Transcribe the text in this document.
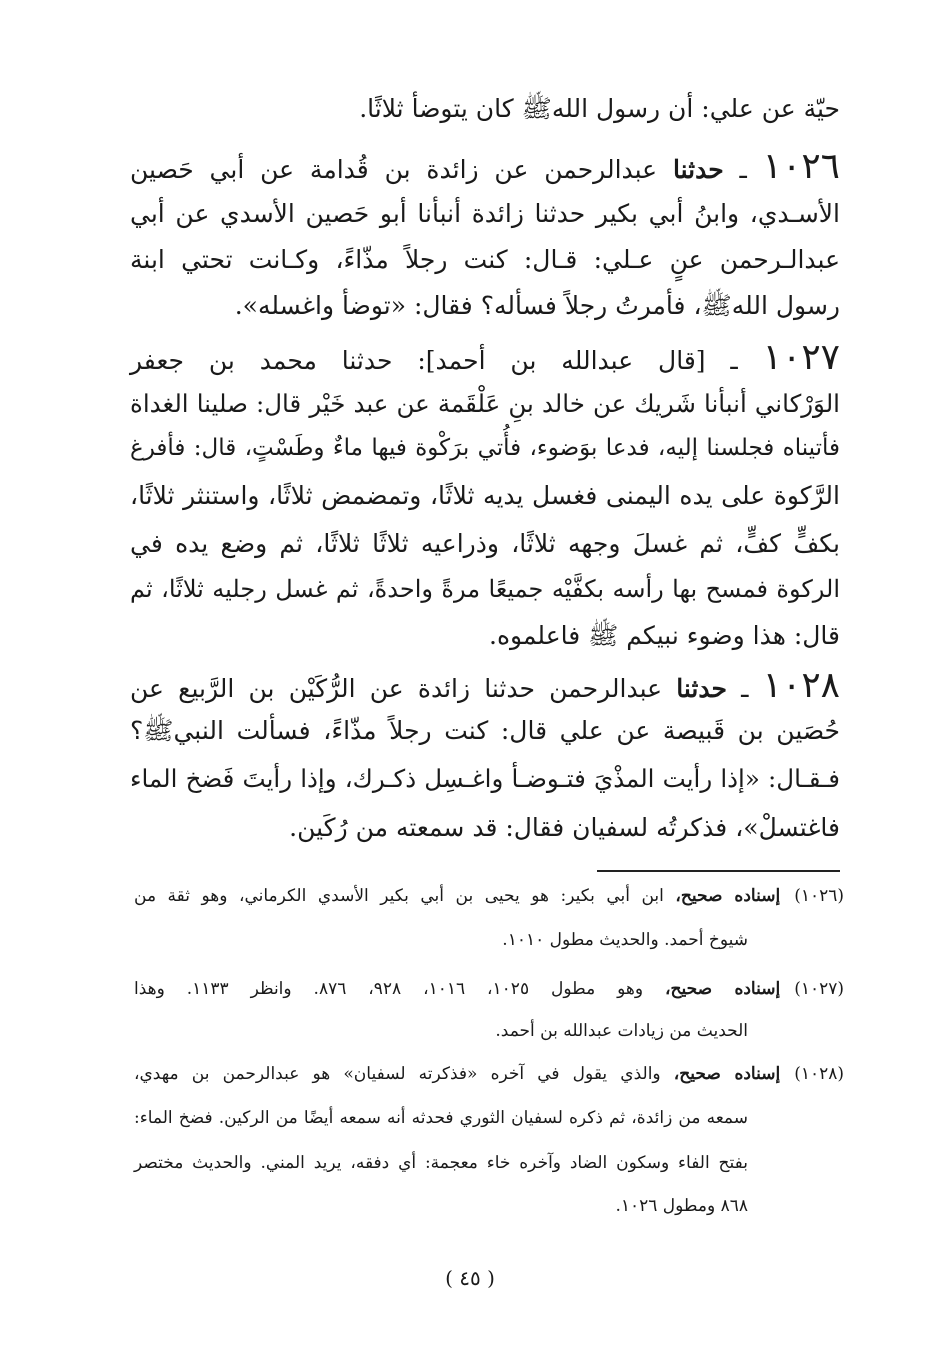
حيّة عن علي: أن رسول اللهﷺ كان يتوضأ ثلاثًا.
١٠٢٦ ـ حدثنا عبدالرحمن عن زائدة بن قُدامة عن أبي حَصين
الأسـدي، وابنُ أبي بكير حدثنا زائدة أنبأنا أبو حَصين الأسدي عن أبي
عبدالـرحمن عنٍ عـلي: قـال: كنت رجلاً مذّاءً، وكـانت تحتي ابنة
رسول اللهﷺ، فأمرتُ رجلاً فسأله؟ فقال: «توضأ واغسله».
١٠٢٧ ـ [قال عبدالله بن أحمد]: حدثنا محمد بن جعفر
الوَرْكاني أنبأنا شَريك عن خالد بنِ عَلْقَمة عن عبد خَيْر قال: صلينا الغداة
فأتيناه فجلسنا إليه، فدعا بوَضوء، فأُتي برَكْوة فيها ماءٌ وطَسْتٍ، قال: فأفرغ
الرَّكوة على يده اليمنى فغسل يديه ثلاثًا، وتمضمض ثلاثًا، واستنثر ثلاثًا،
بكفٍّ كفٍّ، ثم غسلَ وجهه ثلاثًا، وذراعيه ثلاثًا ثلاثًا، ثم وضع يده في
الركوة فمسح بها رأسه بكفَّيْه جميعًا مرةً واحدةً، ثم غسل رجليه ثلاثًا، ثم
قال: هذا وضوء نبيكم ﷺ فاعلموه.
١٠٢٨ ـ حدثنا عبدالرحمن حدثنا زائدة عن الرُّكَيْن بن الرَّبيع عن
حُصَين بن قَبيصة عن علي قال: كنت رجلاً مذّاءً، فسألت النبيﷺ؟
فـقـال: «إذا رأيت المذْيَ فتـوضـأ واغـسِل ذكـرك، وإذا رأيتَ فَضخ الماء
فاغتسلْ»، فذكرتُه لسفيان فقال: قد سمعته من رُكَين.
(١٠٢٦)إسناده صحيح، ابن أبي بكير: هو يحيى بن أبي بكير الأسدي الكرماني، وهو ثقة من
شيوخ أحمد. والحديث مطول ١٠١٠.
(١٠٢٧)إسناده صحيح، وهو مطول ١٠٢٥، ١٠١٦، ٩٢٨، ٨٧٦. وانظر ١١٣٣. وهذا
الحديث من زيادات عبدالله بن أحمد.
(١٠٢٨)إسناده صحيح، والذي يقول في آخره «فذكرته لسفيان» هو عبدالرحمن بن مهدي،
سمعه من زائدة، ثم ذكره لسفيان الثوري فحدثه أنه سمعه أيضًا من الركين. فضخ الماء:
بفتح الفاء وسكون الضاد وآخره خاء معجمة: أي دفقه، يريد المني. والحديث مختصر
٨٦٨ ومطول ١٠٢٦.
( ٤٥ )
